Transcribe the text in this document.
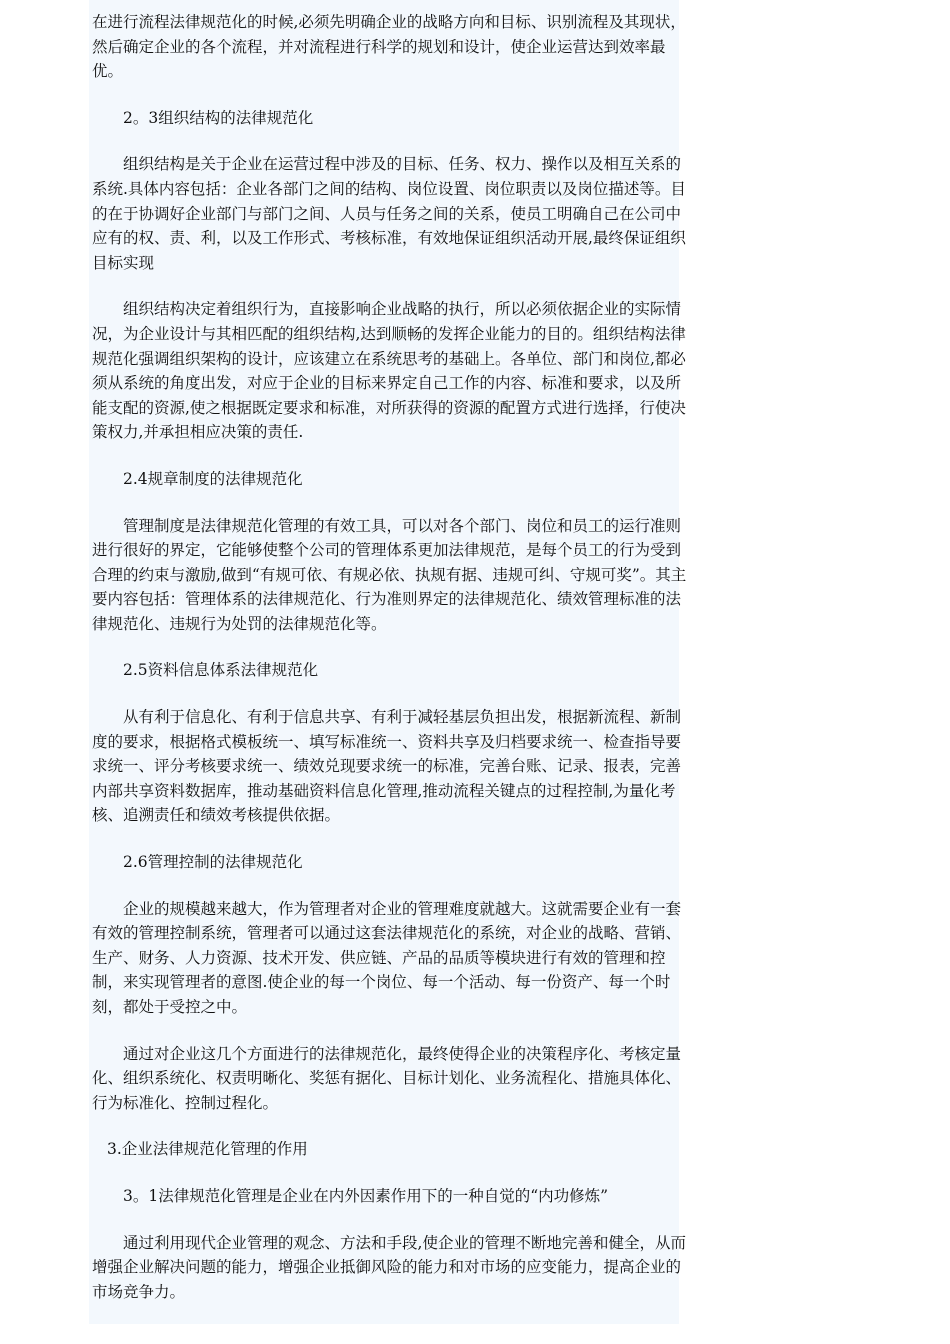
在进行流程法律规范化的时候,必须先明确企业的战略方向和目标、识别流程及其现状，然后确定企业的各个流程，并对流程进行科学的规划和设计，使企业运营达到效率最优。

2。3组织结构的法律规范化

组织结构是关于企业在运营过程中涉及的目标、任务、权力、操作以及相互关系的系统.具体内容包括：企业各部门之间的结构、岗位设置、岗位职责以及岗位描述等。目的在于协调好企业部门与部门之间、人员与任务之间的关系，使员工明确自己在公司中应有的权、责、利，以及工作形式、考核标准，有效地保证组织活动开展,最终保证组织目标实现

组织结构决定着组织行为，直接影响企业战略的执行，所以必须依据企业的实际情况，为企业设计与其相匹配的组织结构,达到顺畅的发挥企业能力的目的。组织结构法律规范化强调组织架构的设计，应该建立在系统思考的基础上。各单位、部门和岗位,都必须从系统的角度出发，对应于企业的目标来界定自己工作的内容、标准和要求，以及所能支配的资源,使之根据既定要求和标准，对所获得的资源的配置方式进行选择，行使决策权力,并承担相应决策的责任.

2.4规章制度的法律规范化

管理制度是法律规范化管理的有效工具，可以对各个部门、岗位和员工的运行准则进行很好的界定，它能够使整个公司的管理体系更加法律规范，是每个员工的行为受到合理的约束与激励,做到“有规可依、有规必依、执规有据、违规可纠、守规可奖”。其主要内容包括：管理体系的法律规范化、行为准则界定的法律规范化、绩效管理标准的法律规范化、违规行为处罚的法律规范化等。

2.5资料信息体系法律规范化

从有利于信息化、有利于信息共享、有利于减轻基层负担出发，根据新流程、新制度的要求，根据格式模板统一、填写标准统一、资料共享及归档要求统一、检查指导要求统一、评分考核要求统一、绩效兑现要求统一的标准，完善台账、记录、报表，完善内部共享资料数据库，推动基础资料信息化管理,推动流程关键点的过程控制,为量化考核、追溯责任和绩效考核提供依据。

2.6管理控制的法律规范化

企业的规模越来越大，作为管理者对企业的管理难度就越大。这就需要企业有一套有效的管理控制系统，管理者可以通过这套法律规范化的系统，对企业的战略、营销、生产、财务、人力资源、技术开发、供应链、产品的品质等模块进行有效的管理和控制，来实现管理者的意图.使企业的每一个岗位、每一个活动、每一份资产、每一个时刻，都处于受控之中。

通过对企业这几个方面进行的法律规范化，最终使得企业的决策程序化、考核定量化、组织系统化、权责明晰化、奖惩有据化、目标计划化、业务流程化、措施具体化、行为标准化、控制过程化。

3.企业法律规范化管理的作用
3。1法律规范化管理是企业在内外因素作用下的一种自觉的“内功修炼”

通过利用现代企业管理的观念、方法和手段,使企业的管理不断地完善和健全，从而增强企业解决问题的能力，增强企业抵御风险的能力和对市场的应变能力，提高企业的市场竞争力。
